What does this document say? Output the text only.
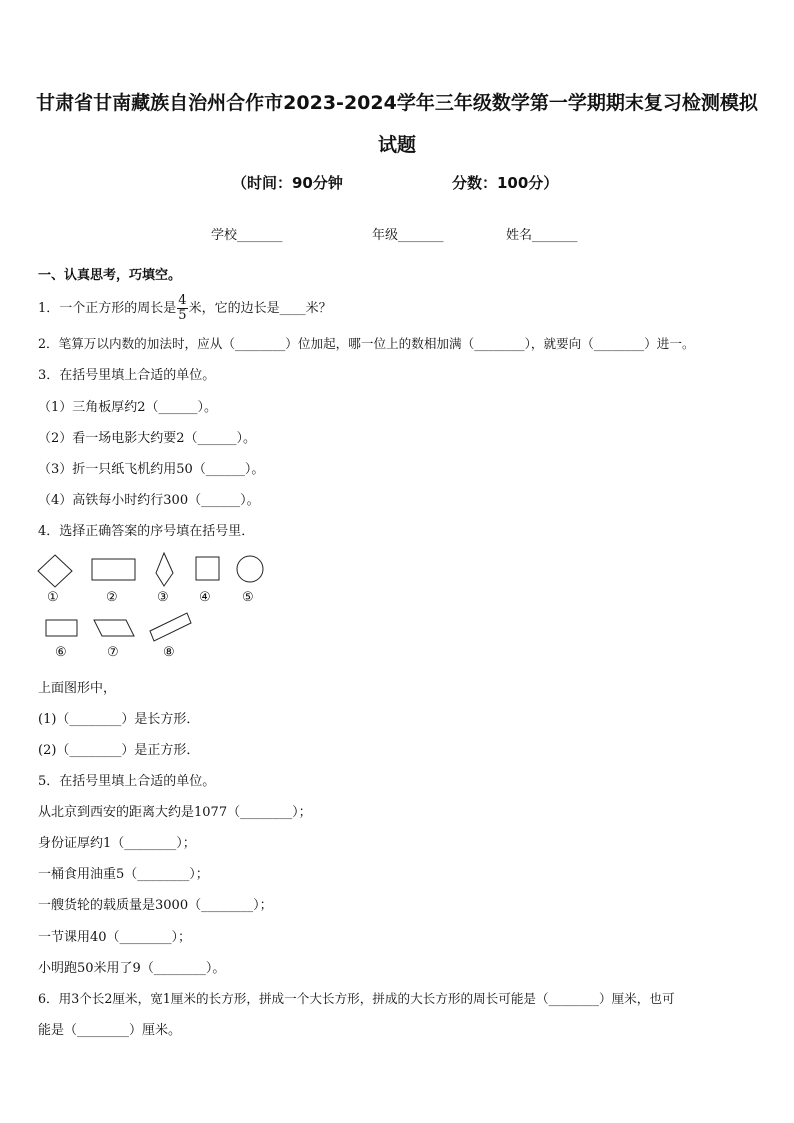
甘肃省甘南藏族自治州合作市2023-2024学年三年级数学第一学期期末复习检测模拟
试题
（时间：90分钟	分数：100分）
学校_______	年级_______	姓名_______
一、认真思考，巧填空。
1．一个正方形的周长是 $\frac{4}{5}$ 米，它的边长是____米？
2．笔算万以内数的加法时，应从（________）位加起，哪一位上的数相加满（________），就要向（________）进一。
3．在括号里填上合适的单位。
（1）三角板厚约2（______）。
（2）看一场电影大约要2（______）。
（3）折一只纸飞机约用50（______）。
（4）高铁每小时约行300（______）。
4．选择正确答案的序号填在括号里．
①	②	③ ④ ⑤
⑥	⑦	⑧
上面图形中，
(1)（________）是长方形．
(2)（________）是正方形．
5．在括号里填上合适的单位。
从北京到西安的距离大约是1077（________）；
身份证厚约1（________）；
一桶食用油重5（________）；
一艘货轮的载质量是3000（________）；
一节课用40（________）；
小明跑50米用了9（________）。
6．用3个长2厘米，宽1厘米的长方形，拼成一个大长方形，拼成的大长方形的周长可能是（________）厘米，也可
能是（________）厘米。
